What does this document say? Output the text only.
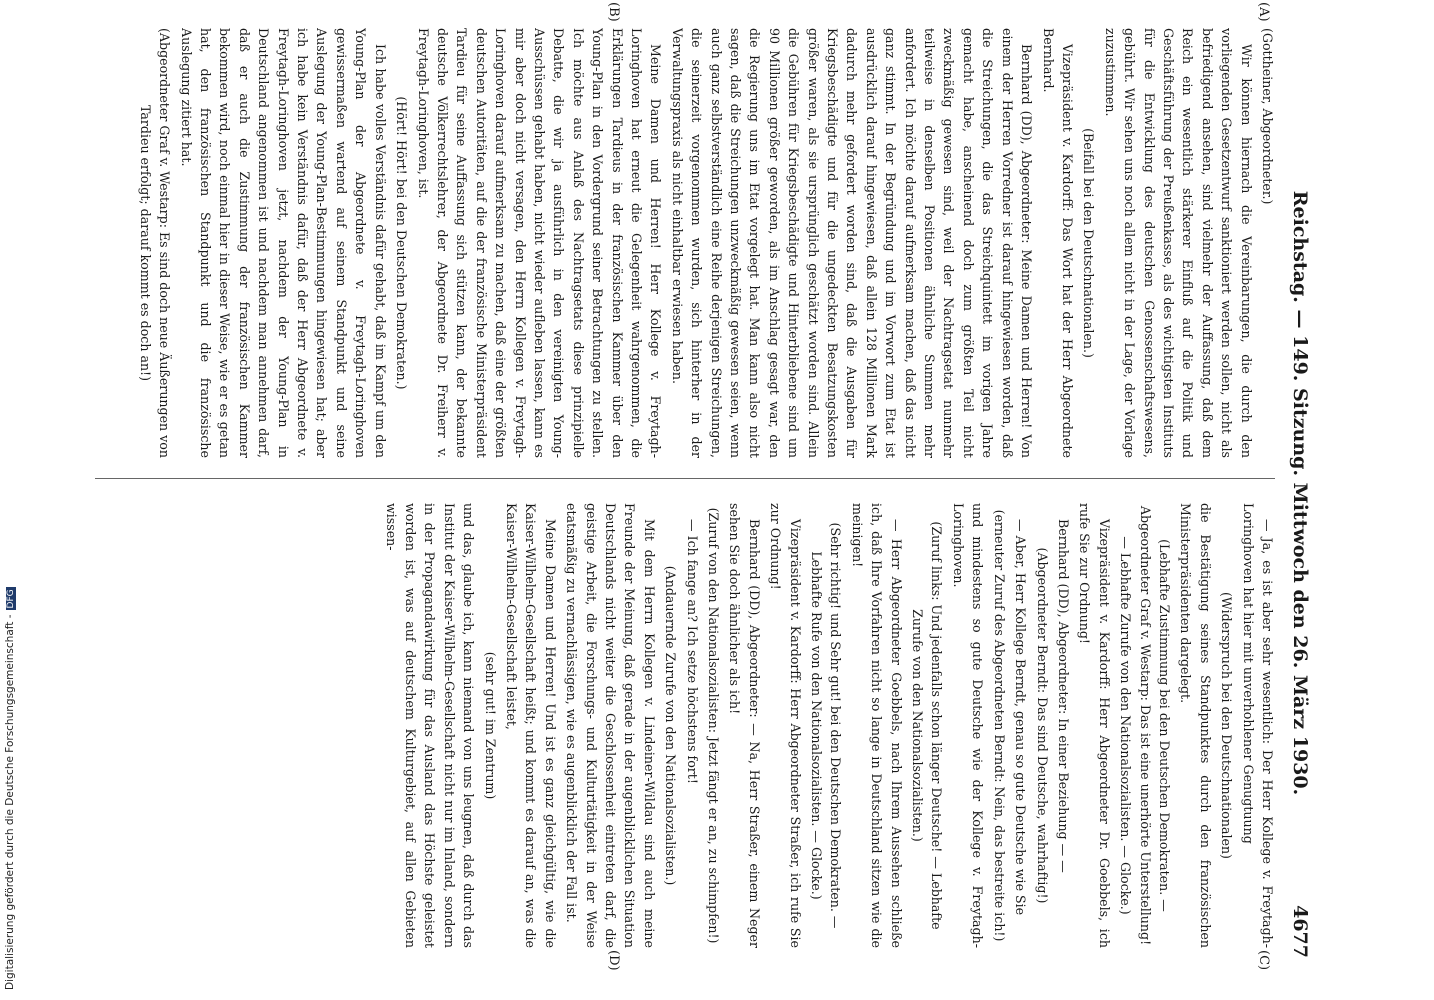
Reichstag. — 149. Sitzung. Mittwoch den 26. März 1930.
4677
(A)
(B)
(C)
(D)

(Gottheiner, Abgeordneter.)

Wir können hiernach die Vereinbarungen, die durch den vorliegenden Gesetzentwurf sanktioniert werden sollen, nicht als befriedigend ansehen, sind vielmehr der Auffassung, daß dem Reich ein wesentlich stärkerer Einfluß auf die Politik und Geschäftsführung der Preußenkasse, als des wichtigsten Instituts für die Entwicklung des deutschen Genossenschaftswesens, gebührt. Wir sehen uns noch allem nicht in der Lage, der Vorlage zuzustimmen.

(Beifall bei den Deutschnationalen.)

Vizepräsident v. Kardorff: Das Wort hat der Herr Abgeordnete Bernhard.

Bernhard (DD), Abgeordneter: Meine Damen und Herren! Von einem der Herren Vorredner ist darauf hingewiesen worden, daß die Streichungen, die das Streichquintett im vorigen Jahre gemacht habe, anscheinend doch zum größten Teil nicht zweckmäßig gewesen sind, weil der Nachtragsetat nunmehr teilweise in denselben Positionen ähnliche Summen mehr anfordert. Ich möchte darauf aufmerksam machen, daß das nicht ganz stimmt. In der Begründung und im Vorwort zum Etat ist ausdrücklich darauf hingewiesen, daß allein 128 Millionen Mark dadurch mehr gefordert worden sind, daß die Ausgaben für Kriegsbeschädigte und für die ungedeckten Besatzungskosten größer waren, als sie ursprünglich geschätzt worden sind. Allein die Gebühren für Kriegsbeschädigte und Hinterbliebene sind um 90 Millionen größer geworden, als im Anschlag gesagt war, den die Regierung uns im Etat vorgelegt hat. Man kann also nicht sagen, daß die Streichungen unzweckmäßig gewesen seien, wenn auch ganz selbstverständlich eine Reihe derjenigen Streichungen, die seinerzeit vorgenommen wurden, sich hinterher in der Verwaltungspraxis als nicht einhaltbar erwiesen haben.

Meine Damen und Herren! Herr Kollege v. Freytagh-Loringhoven hat erneut die Gelegenheit wahrgenommen, die Erklärungen Tardieus in der französischen Kammer über den Young-Plan in den Vordergrund seiner Betrachtungen zu stellen. Ich möchte aus Anlaß des Nachtragsetats diese prinzipielle Debatte, die wir ja ausführlich in den vereinigten Young-Ausschüssen gehabt haben, nicht wieder aufleben lassen, kann es mir aber doch nicht versagen, den Herrn Kollegen v. Freytagh-Loringhoven darauf aufmerksam zu machen, daß eine der größten deutschen Autoritäten, auf die der französische Ministerpräsident Tardieu für seine Auffassung sich stützen kann, der bekannte deutsche Völkerrechtslehrer, der Abgeordnete Dr. Freiherr v. Freytagh-Loringhoven, ist.

(Hört! Hört! bei den Deutschen Demokraten.)

Ich habe volles Verständnis dafür gehabt, daß im Kampf um den Young-Plan der Abgeordnete v. Freytagh-Loringhoven gewissermaßen wartend auf seinem Standpunkt und seine Auslegung der Young-Plan-Bestimmungen hingewiesen hat; aber ich habe kein Verständnis dafür, daß der Herr Abgeordnete v. Freytagh-Loringhoven jetzt, nachdem der Young-Plan in Deutschland angenommen ist und nachdem man annehmen darf, daß er auch die Zustimmung der französischen Kammer bekommen wird, noch einmal hier in dieser Weise, wie er es getan hat, den französischen Standpunkt und die französische Auslegung zitiert hat.

(Abgeordneter Graf v. Westarp: Es sind doch neue Äußerungen von Tardieu erfolgt; darauf kommt es doch an!)

— Ja, es ist aber sehr wesentlich: Der Herr Kollege v. Freytagh-Loringhoven hat hier mit unverhohlener Genugtuung

(Widerspruch bei den Deutschnationalen)

die Bestätigung seines Standpunktes durch den französischen Ministerpräsidenten dargelegt.

(Lebhafte Zustimmung bei den Deutschen Demokraten. — Abgeordneter Graf v. Westarp: Das ist eine unerhörte Unterstellung! — Lebhafte Zurufe von den Nationalsozialisten. — Glocke.)

Vizepräsident v. Kardorff: Herr Abgeordneter Dr. Goebbels, ich rufe Sie zur Ordnung!

Bernhard (DD), Abgeordneter: In einer Beziehung — —

(Abgeordneter Berndt: Das sind Deutsche, wahrhaftig!)

— Aber, Herr Kollege Berndt, genau so gute Deutsche wie Sie

(erneuter Zuruf des Abgeordneten Berndt: Nein, das bestreite ich!)

und mindestens so gute Deutsche wie der Kollege v. Freytagh-Loringhoven.

(Zuruf links: Und jedenfalls schon länger Deutsche! — Lebhafte Zurufe von den Nationalsozialisten.)

— Herr Abgeordneter Goebbels, nach Ihrem Aussehen schließe ich, daß Ihre Vorfahren nicht so lange in Deutschland sitzen wie die meinigen!

(Sehr richtig! und Sehr gut! bei den Deutschen Demokraten. — Lebhafte Rufe von den Nationalsozialisten. — Glocke.)

Vizepräsident v. Kardorff: Herr Abgeordneter Straßer, ich rufe Sie zur Ordnung!

Bernhard (DD), Abgeordneter: — Na, Herr Straßer, einem Neger sehen Sie doch ähnlicher als ich!

(Zuruf von den Nationalsozialisten: Jetzt fängt er an, zu schimpfen!)

— Ich fange an? Ich setze höchstens fort!

(Andauernde Zurufe von den Nationalsozialisten.)

Mit dem Herrn Kollegen v. Lindeiner-Wildau sind auch meine Freunde der Meinung, daß gerade in der augenblicklichen Situation Deutschlands nicht weiter die Geschlossenheit eintreten darf, die geistige Arbeit, die Forschungs- und Kulturtätigkeit in der Weise etatsmäßig zu vernachlässigen, wie es augenblicklich der Fall ist.

Meine Damen und Herren! Und ist es ganz gleichgültig, wie die Kaiser-Wilhelm-Gesellschaft heißt; und kommt es darauf an, was die Kaiser-Wilhelm-Gesellschaft leistet,

(sehr gut! im Zentrum)

und das, glaube ich, kann niemand von uns leugnen, daß durch das Institut der Kaiser-Wilhelm-Gesellschaft nicht nur im Inland, sondern in der Propagandawirkung für das Ausland das Höchste geleistet worden ist, was auf deutschem Kulturgebiet, auf allen Gebieten wissen-

Digitalisierung gefördert durch die Deutsche Forschungsgemeinschaft -DFG
